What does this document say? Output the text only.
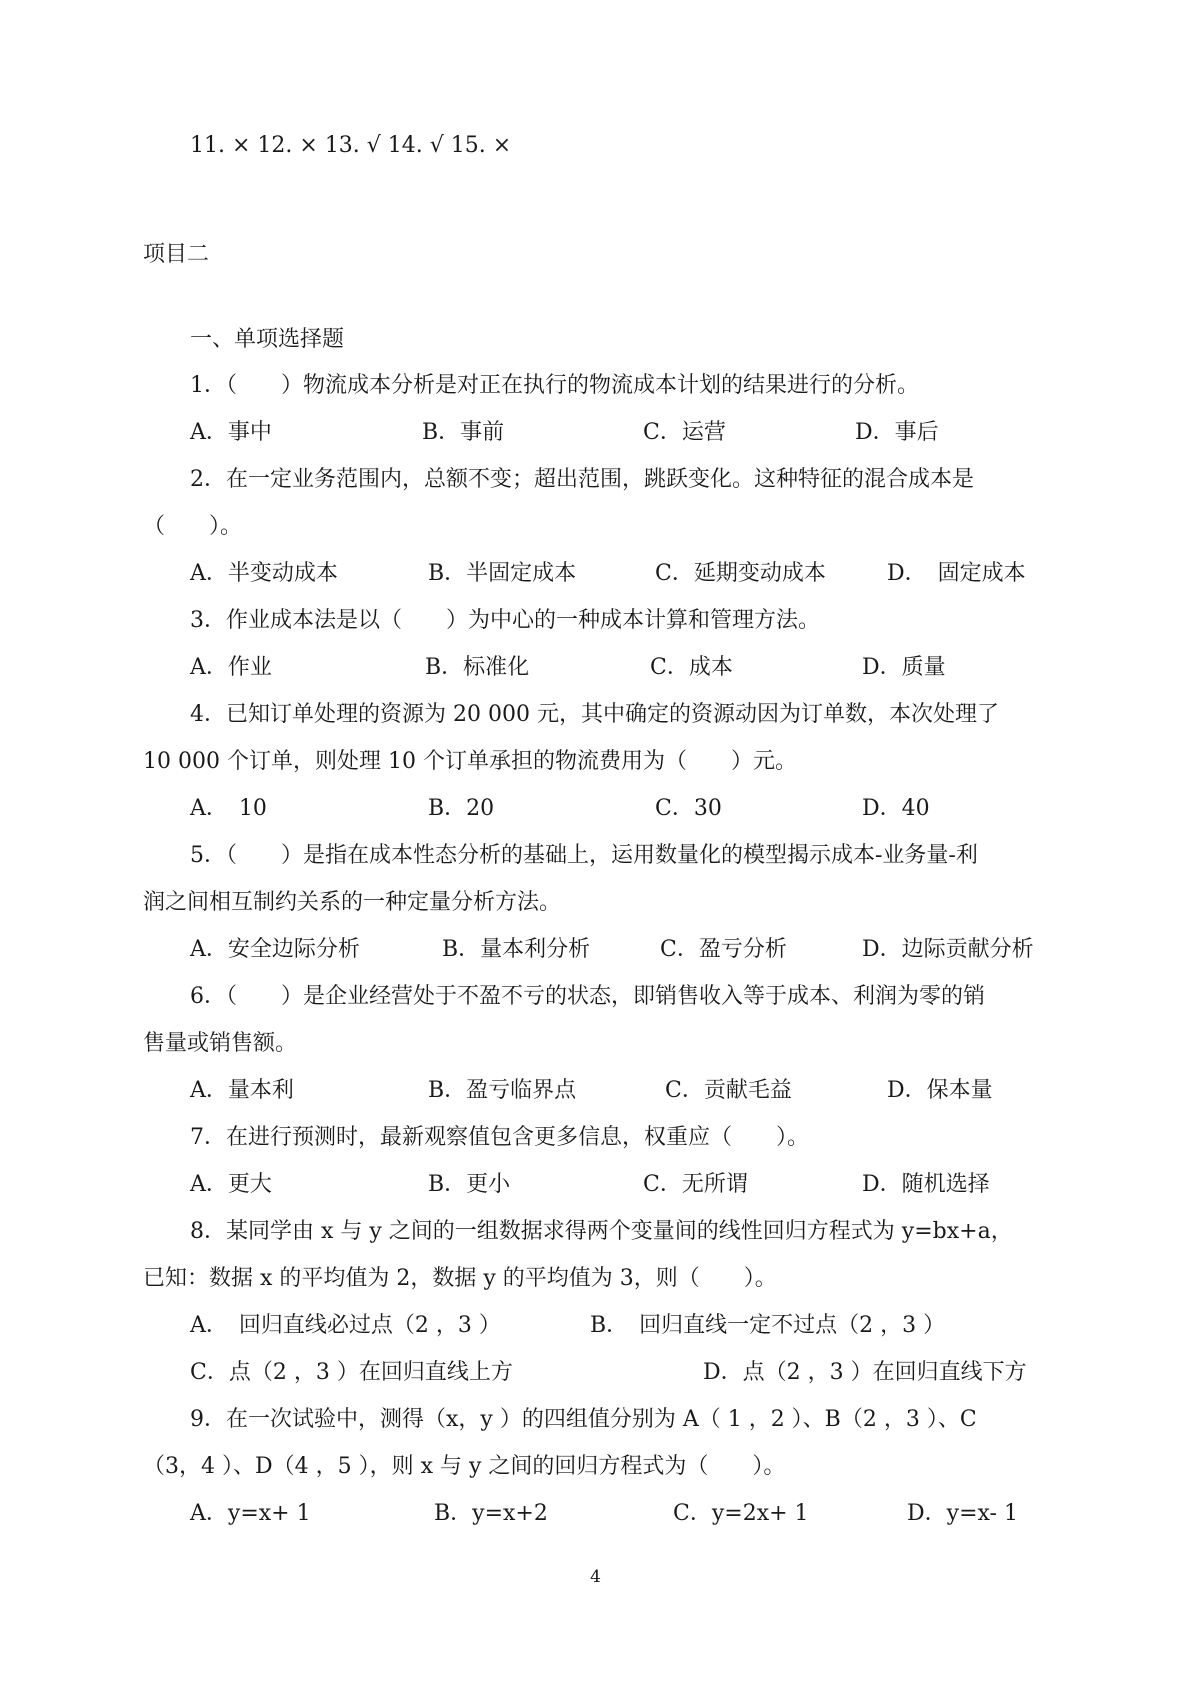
11. × 12. × 13. √ 14. √ 15. ×
项目二
一、单项选择题
1．（　　）物流成本分析是对正在执行的物流成本计划的结果进行的分析。
A．事中	B．事前	C．运营	D．事后
2．在一定业务范围内，总额不变；超出范围，跳跃变化。这种特征的混合成本是
（　　）。
A．半变动成本	B．半固定成本	C．延期变动成本	D．　固定成本
3．作业成本法是以（　　）为中心的一种成本计算和管理方法。
A．作业	B．标准化	C．成本	D．质量
4．已知订单处理的资源为 20 000 元，其中确定的资源动因为订单数，本次处理了
10 000 个订单，则处理 10 个订单承担的物流费用为（　　）元。
A．　10	B．20	C．30	D．40
5．（　　）是指在成本性态分析的基础上，运用数量化的模型揭示成本-业务量-利
润之间相互制约关系的一种定量分析方法。
A．安全边际分析	B．量本利分析	C．盈亏分析	D．边际贡献分析
6．（　　）是企业经营处于不盈不亏的状态，即销售收入等于成本、利润为零的销
售量或销售额。
A．量本利	B．盈亏临界点	C．贡献毛益	D．保本量
7．在进行预测时，最新观察值包含更多信息，权重应（　　）。
A．更大	B．更小	C．无所谓	D．随机选择
8．某同学由 x 与 y 之间的一组数据求得两个变量间的线性回归方程式为 y=bx+a，
已知：数据 x 的平均值为 2，数据 y 的平均值为 3，则（　　）。
A．　回归直线必过点（2 ，3 ）	B．　回归直线一定不过点（2 ，3 ）
C．点（2 ，3 ）在回归直线上方	D．点（2 ，3 ）在回归直线下方
9．在一次试验中，测得（x，y ）的四组值分别为 A（ 1 ，2 ）、B（2 ，3 ）、C
（3，4 ）、D（4 ，5 ），则 x 与 y 之间的回归方程式为（　　）。
A．y=x+ 1	B．y=x+2	C．y=2x+ 1	D．y=x- 1
4
